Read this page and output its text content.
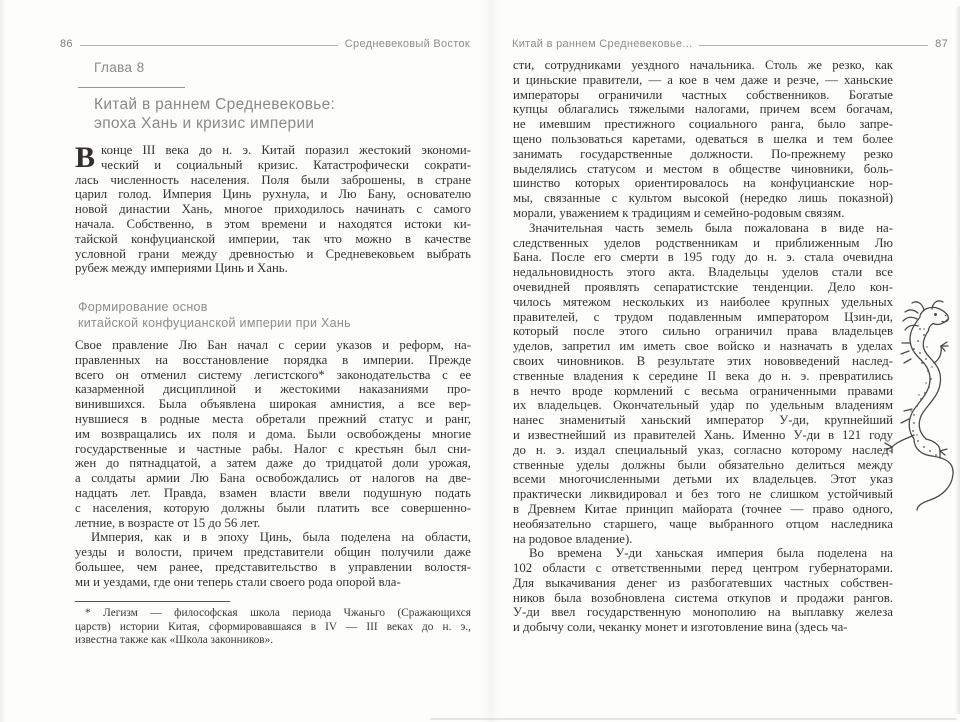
86	Средневековый Восток
Глава 8
Китай в раннем Средневековье:
эпоха Хань и кризис империи
В конце III века до н. э. Китай поразил жестокий экономи-
ческий и социальный кризис. Катастрофически сократи-
лась численность населения. Поля были заброшены, в стране
царил голод. Империя Цинь рухнула, и Лю Бану, основателю
новой династии Хань, многое приходилось начинать с самого
начала. Собственно, в этом времени и находятся истоки ки-
тайской конфуцианской империи, так что можно в качестве
условной грани между древностью и Средневековьем выбрать
рубеж между империями Цинь и Хань.
Формирование основ
китайской конфуцианской империи при Хань
Свое правление Лю Бан начал с серии указов и реформ, на-
правленных на восстановление порядка в империи. Прежде
всего он отменил систему легистского* законодательства с ее
казарменной дисциплиной и жестокими наказаниями про-
винившихся. Была объявлена широкая амнистия, а все вер-
нувшиеся в родные места обретали прежний статус и ранг,
им возвращались их поля и дома. Были освобождены многие
государственные и частные рабы. Налог с крестьян был сни-
жен до пятнадцатой, а затем даже до тридцатой доли урожая,
а солдаты армии Лю Бана освобождались от налогов на две-
надцать лет. Правда, взамен власти ввели подушную подать
с населения, которую должны были платить все совершенно-
летние, в возрасте от 15 до 56 лет.
Империя, как и в эпоху Цинь, была поделена на области,
уезды и волости, причем представители общин получили даже
большее, чем ранее, представительство в управлении волостя-
ми и уездами, где они теперь стали своего рода опорой вла-
* Легизм — философская школа периода Чжаньго (Сражающихся
царств) истории Китая, сформировавшаяся в IV — III веках до н. э.,
известна также как «Школа законников».
Китай в раннем Средневековье...	87
сти, сотрудниками уездного начальника. Столь же резко, как
и циньские правители, — а кое в чем даже и резче, — ханьские
императоры ограничили частных собственников. Богатые
купцы облагались тяжелыми налогами, причем всем богачам,
не имевшим престижного социального ранга, было запре-
щено пользоваться каретами, одеваться в шелка и тем более
занимать государственные должности. По-прежнему резко
выделялись статусом и местом в обществе чиновники, боль-
шинство которых ориентировалось на конфуцианские нор-
мы, связанные с культом высокой (нередко лишь показной)
морали, уважением к традициям и семейно-родовым связям.
Значительная часть земель была пожалована в виде на-
следственных уделов родственникам и приближенным Лю
Бана. После его смерти в 195 году до н. э. стала очевидна
недальновидность этого акта. Владельцы уделов стали все
очевидней проявлять сепаратистские тенденции. Дело кон-
чилось мятежом нескольких из наиболее крупных удельных
правителей, с трудом подавленным императором Цзин-ди,
который после этого сильно ограничил права владельцев
уделов, запретил им иметь свое войско и назначать в уделах
своих чиновников. В результате этих нововведений наслед-
ственные владения к середине II века до н. э. превратились
в нечто вроде кормлений с весьма ограниченными правами
их владельцев. Окончательный удар по удельным владениям
нанес знаменитый ханьский император У-ди, крупнейший
и известнейший из правителей Хань. Именно У-ди в 121 году
до н. э. издал специальный указ, согласно которому наслед-
ственные уделы должны были обязательно делиться между
всеми многочисленными детьми их владельцев. Этот указ
практически ликвидировал и без того не слишком устойчивый
в Древнем Китае принцип майората (точнее — право одного,
необязательно старшего, чаще выбранного отцом наследника
на родовое владение).
Во времена У-ди ханьская империя была поделена на
102 области с ответственными перед центром губернаторами.
Для выкачивания денег из разбогатевших частных собствен-
ников была возобновлена система откупов и продажи рангов.
У-ди ввел государственную монополию на выплавку железа
и добычу соли, чеканку монет и изготовление вина (здесь ча-
